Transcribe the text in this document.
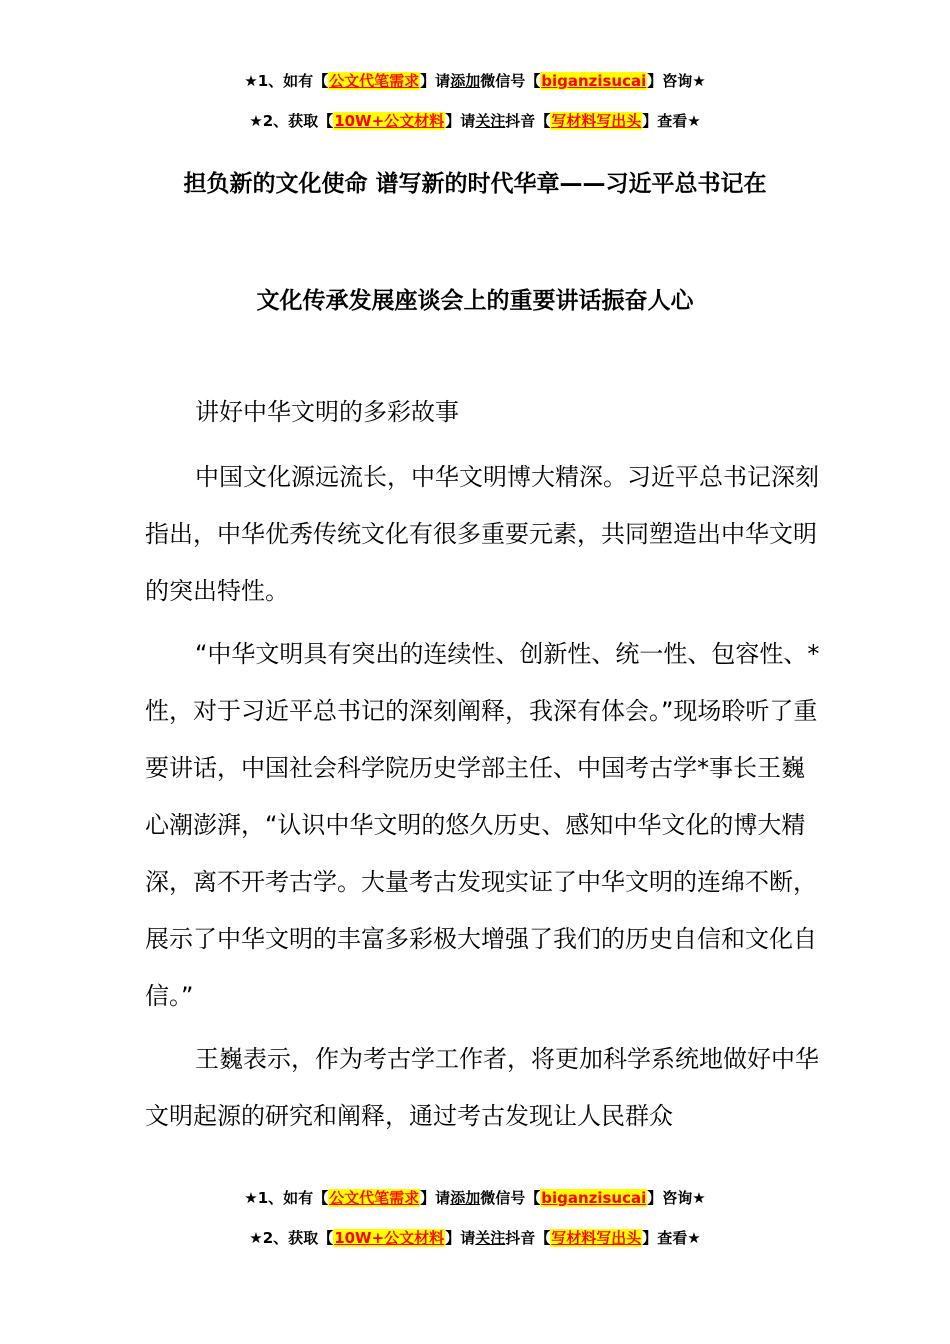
★1、如有【公文代笔需求】请添加微信号【biganzisucai】咨询★
★2、获取【10W+公文材料】请关注抖音【写材料写出头】查看★
担负新的文化使命 谱写新的时代华章——习近平总书记在
文化传承发展座谈会上的重要讲话振奋人心

讲好中华文明的多彩故事

中国文化源远流长，中华文明博大精深。习近平总书记深刻指出，中华优秀传统文化有很多重要元素，共同塑造出中华文明的突出特性。

“中华文明具有突出的连续性、创新性、统一性、包容性、*性，对于习近平总书记的深刻阐释，我深有体会。”现场聆听了重要讲话，中国社会科学院历史学部主任、中国考古学*事长王巍心潮澎湃，“认识中华文明的悠久历史、感知中华文化的博大精深，离不开考古学。大量考古发现实证了中华文明的连绵不断，展示了中华文明的丰富多彩极大增强了我们的历史自信和文化自信。”

王巍表示，作为考古学工作者，将更加科学系统地做好中华文明起源的研究和阐释，通过考古发现让人民群众

★1、如有【公文代笔需求】请添加微信号【biganzisucai】咨询★
★2、获取【10W+公文材料】请关注抖音【写材料写出头】查看★
